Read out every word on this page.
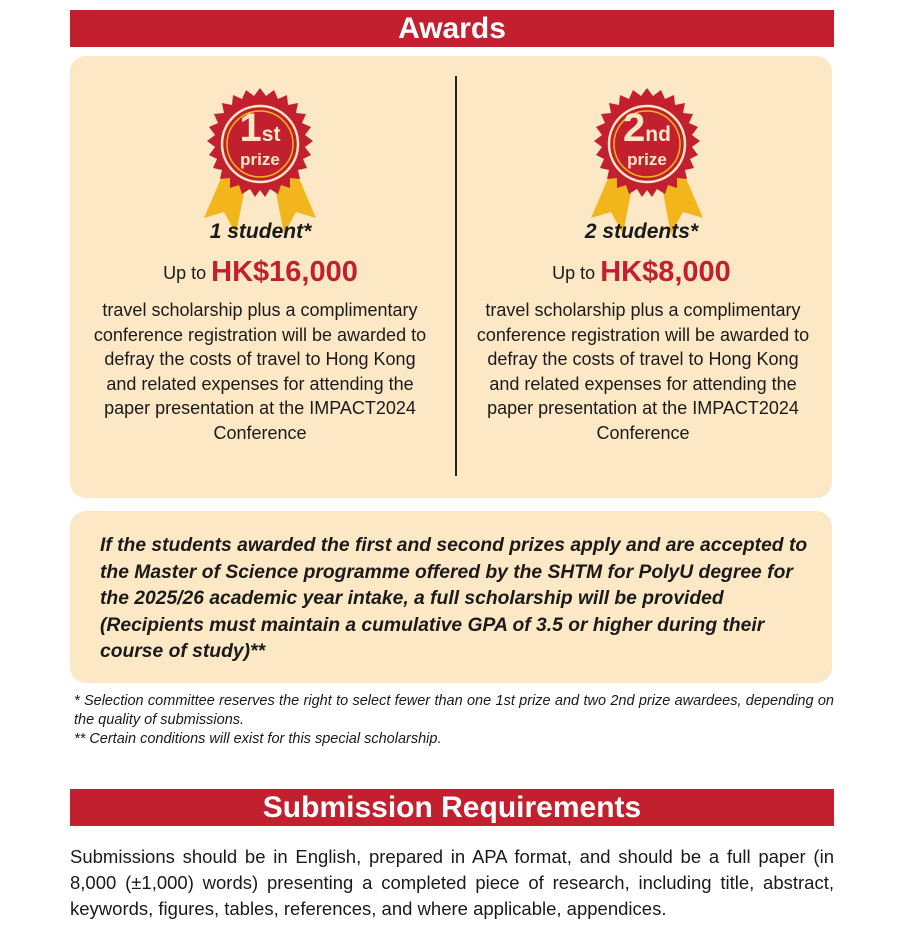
Awards
1st
prize
1 student*
Up to HK$16,000
travel scholarship plus a complimentary conference registration will be awarded to defray the costs of travel to Hong Kong and related expenses for attending the paper presentation at the IMPACT2024 Conference
2nd
prize
2 students*
Up to HK$8,000
travel scholarship plus a complimentary conference registration will be awarded to defray the costs of travel to Hong Kong and related expenses for attending the paper presentation at the IMPACT2024 Conference
If the students awarded the first and second prizes apply and are accepted to the Master of Science programme offered by the SHTM for PolyU degree for the 2025/26 academic year intake, a full scholarship will be provided (Recipients must maintain a cumulative GPA of 3.5 or higher during their course of study)**
* Selection committee reserves the right to select fewer than one 1st prize and two 2nd prize awardees, depending on the quality of submissions.
** Certain conditions will exist for this special scholarship.
Submission Requirements
Submissions should be in English, prepared in APA format, and should be a full paper (in 8,000 (±1,000) words) presenting a completed piece of research, including title, abstract, keywords, figures, tables, references, and where applicable, appendices.
